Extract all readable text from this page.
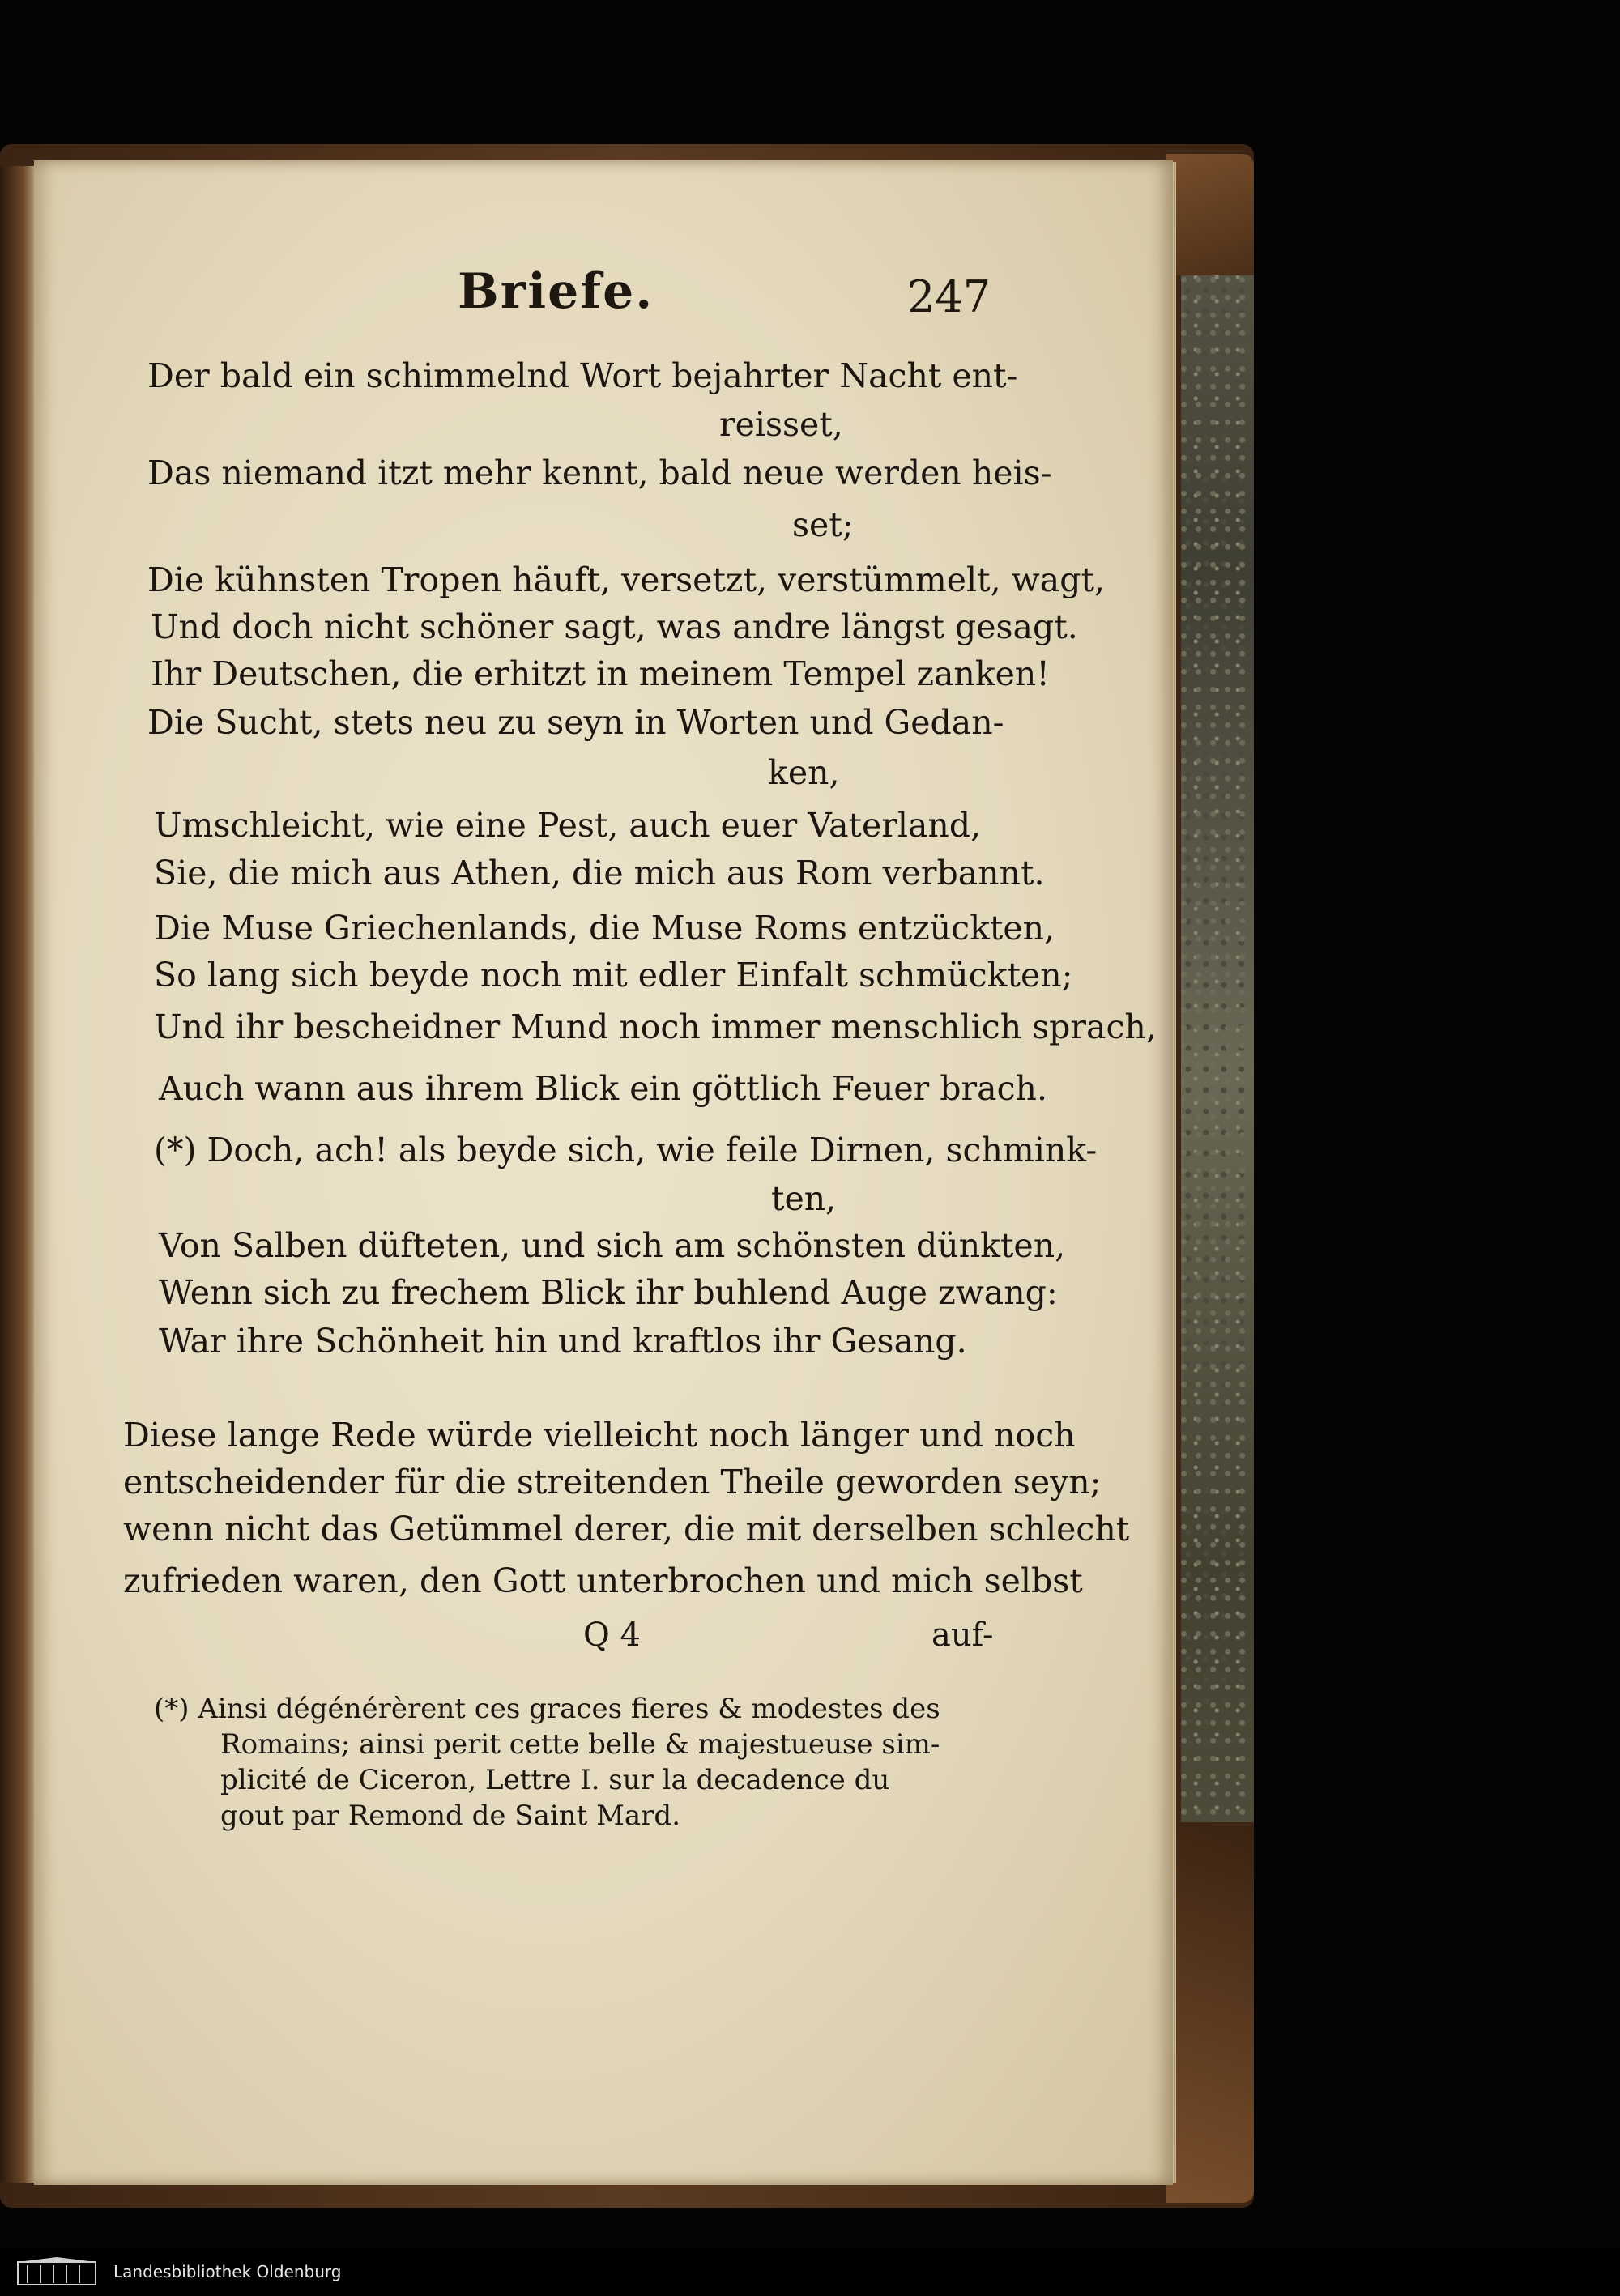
Briefe.	247
Der bald ein schimmelnd Wort bejahrter Nacht ent-
reisset,
Das niemand itzt mehr kennt, bald neue werden heis-
set;
Die kühnsten Tropen häuft, versetzt, verstümmelt, wagt,
Und doch nicht schöner sagt, was andre längst gesagt.
Ihr Deutschen, die erhitzt in meinem Tempel zanken!
Die Sucht, stets neu zu seyn in Worten und Gedan-
ken,
Umschleicht, wie eine Pest, auch euer Vaterland,
Sie, die mich aus Athen, die mich aus Rom verbannt.
Die Muse Griechenlands, die Muse Roms entzückten,
So lang sich beyde noch mit edler Einfalt schmückten;
Und ihr bescheidner Mund noch immer menschlich sprach,
Auch wann aus ihrem Blick ein göttlich Feuer brach.
(*) Doch, ach! als beyde sich, wie feile Dirnen, schmink-
ten,
Von Salben düfteten, und sich am schönsten dünkten,
Wenn sich zu frechem Blick ihr buhlend Auge zwang:
War ihre Schönheit hin und kraftlos ihr Gesang.
Diese lange Rede würde vielleicht noch länger und noch
entscheidender für die streitenden Theile geworden seyn;
wenn nicht das Getümmel derer, die mit derselben schlecht
zufrieden waren, den Gott unterbrochen und mich selbst
Q 4	auf-
(*) Ainsi dégénérèrent ces graces fieres & modestes des
Romains; ainsi perit cette belle & majestueuse sim-
plicité de Ciceron, Lettre I. sur la decadence du
gout par Remond de Saint Mard.
Landesbibliothek Oldenburg
